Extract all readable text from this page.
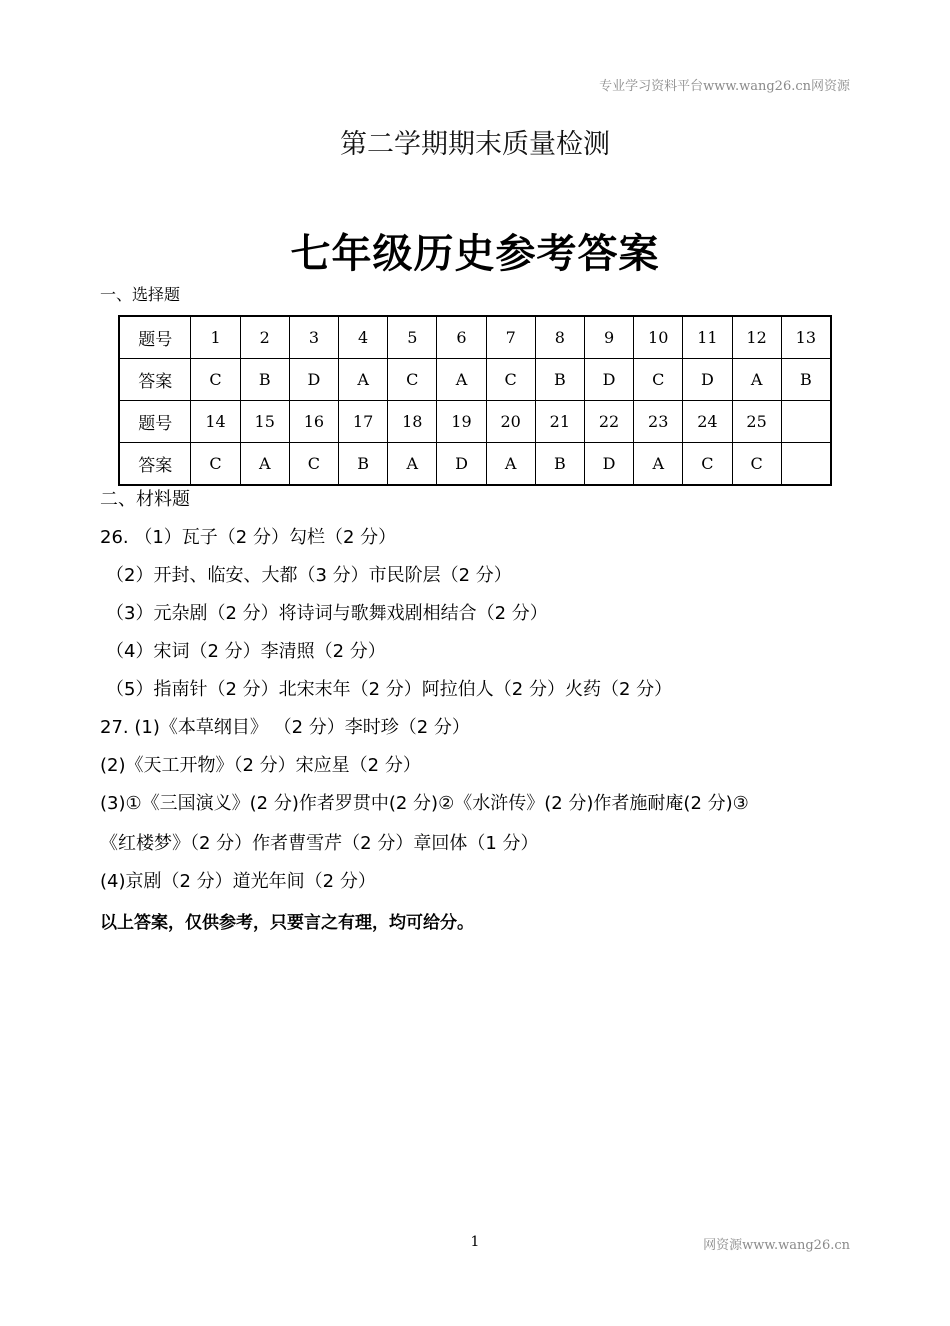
专业学习资料平台www.wang26.cn网资源
第二学期期末质量检测
七年级历史参考答案
一、选择题
题号	1	2	3	4	5	6	7	8	9	10	11	12	13
答案	C	B	D	A	C	A	C	B	D	C	D	A	B
题号	14	15	16	17	18	19	20	21	22	23	24	25	
答案	C	A	C	B	A	D	A	B	D	A	C	C	
二、材料题
26. （1）瓦子（2 分）勾栏（2 分）
（2）开封、临安、大都（3 分）市民阶层（2 分）
（3）元杂剧（2 分）将诗词与歌舞戏剧相结合（2 分）
（4）宋词（2 分）李清照（2 分）
（5）指南针（2 分）北宋末年（2 分）阿拉伯人（2 分）火药（2 分）
27. (1)《本草纲目》 （2 分）李时珍（2 分）
(2)《天工开物》（2 分）宋应星（2 分）
(3)①《三国演义》(2 分)作者罗贯中(2 分)②《水浒传》(2 分)作者施耐庵(2 分)③
《红楼梦》（2 分）作者曹雪芹（2 分）章回体（1 分）
(4)京剧（2 分）道光年间（2 分）
以上答案，仅供参考，只要言之有理，均可给分。
1	网资源www.wang26.cn
